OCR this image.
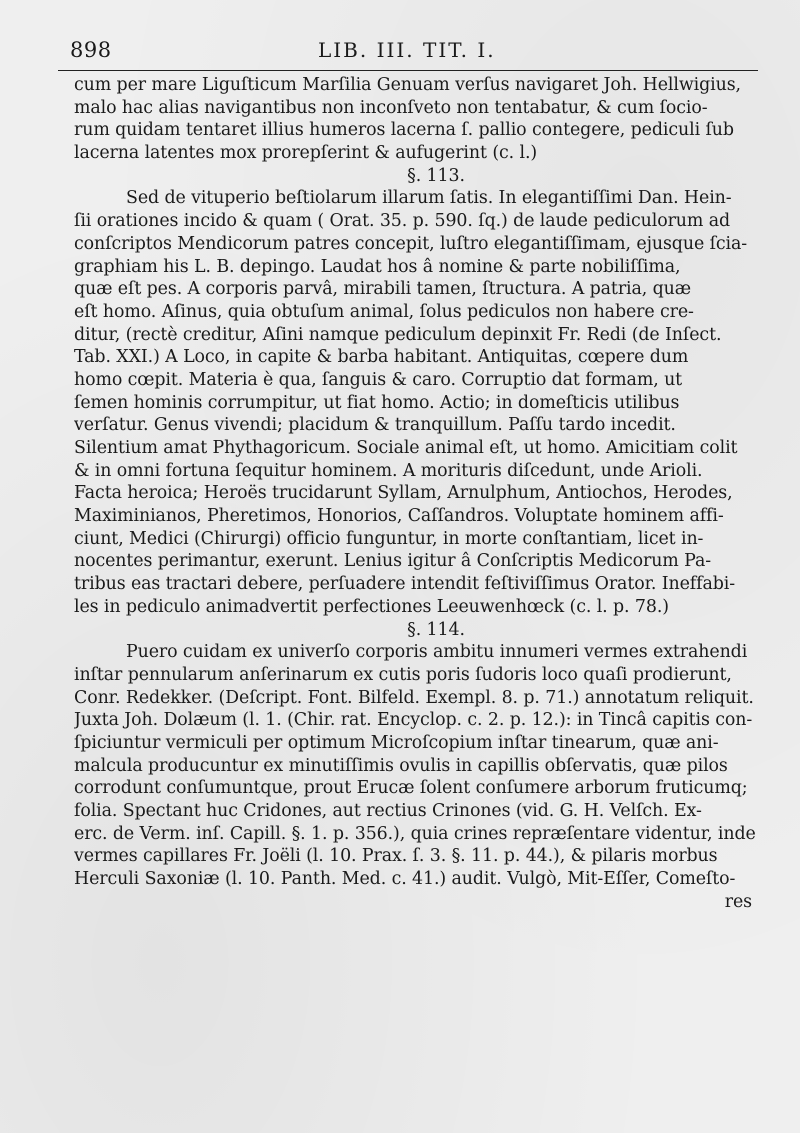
898	LIB. III. TIT. I.
cum per mare Liguſticum Marſilia Genuam verſus navigaret Joh. Hellwigius,
malo hac alias navigantibus non inconſveto non tentabatur, & cum ſocio-
rum quidam tentaret illius humeros lacerna ſ. pallio contegere, pediculi ſub
lacerna latentes mox prorepſerint & aufugerint (c. l.)
§. 113.
Sed de vituperio beſtiolarum illarum ſatis. In elegantiſſimi Dan. Hein-
ſii orationes incido & quam ( Orat. 35. p. 590. ſq.) de laude pediculorum ad
conſcriptos Mendicorum patres concepit, luſtro elegantiſſimam, ejusque ſcia-
graphiam his L. B. depingo. Laudat hos â nomine & parte nobiliſſima,
quæ eſt pes. A corporis parvâ, mirabili tamen, ſtructura. A patria, quæ
eſt homo. Aſinus, quia obtuſum animal, ſolus pediculos non habere cre-
ditur, (rectè creditur, Aſini namque pediculum depinxit Fr. Redi (de Inſect.
Tab. XXI.) A Loco, in capite & barba habitant. Antiquitas, cœpere dum
homo cœpit. Materia è qua, ſanguis & caro. Corruptio dat formam, ut
ſemen hominis corrumpitur, ut fiat homo. Actio; in domeſticis utilibus
verſatur. Genus vivendi; placidum & tranquillum. Paſſu tardo incedit.
Silentium amat Phythagoricum. Sociale animal eſt, ut homo. Amicitiam colit
& in omni fortuna ſequitur hominem. A morituris diſcedunt, unde Arioli.
Facta heroica; Heroës trucidarunt Syllam, Arnulphum, Antiochos, Herodes,
Maximinianos, Pheretimos, Honorios, Caſſandros. Voluptate hominem affi-
ciunt, Medici (Chirurgi) officio funguntur, in morte conſtantiam, licet in-
nocentes perimantur, exerunt. Lenius igitur â Conſcriptis Medicorum Pa-
tribus eas tractari debere, perſuadere intendit feſtiviſſimus Orator. Ineffabi-
les in pediculo animadvertit perfectiones Leeuwenhœck (c. l. p. 78.)
§. 114.
Puero cuidam ex univerſo corporis ambitu innumeri vermes extrahendi
inſtar pennularum anſerinarum ex cutis poris ſudoris loco quaſi prodierunt,
Conr. Redekker. (Deſcript. Font. Bilfeld. Exempl. 8. p. 71.) annotatum reliquit.
Juxta Joh. Dolæum (l. 1. (Chir. rat. Encyclop. c. 2. p. 12.): in Tincâ capitis con-
ſpiciuntur vermiculi per optimum Microſcopium inſtar tinearum, quæ ani-
malcula producuntur ex minutiſſimis ovulis in capillis obſervatis, quæ pilos
corrodunt conſumuntque, prout Erucæ ſolent conſumere arborum fruticumq;
folia. Spectant huc Cridones, aut rectius Crinones (vid. G. H. Velſch. Ex-
erc. de Verm. inſ. Capill. §. 1. p. 356.), quia crines repræſentare videntur, inde
vermes capillares Fr. Joëli (l. 10. Prax. ſ. 3. §. 11. p. 44.), & pilaris morbus
Herculi Saxoniæ (l. 10. Panth. Med. c. 41.) audit. Vulgò, Mit-Eſſer, Comeſto-
res
